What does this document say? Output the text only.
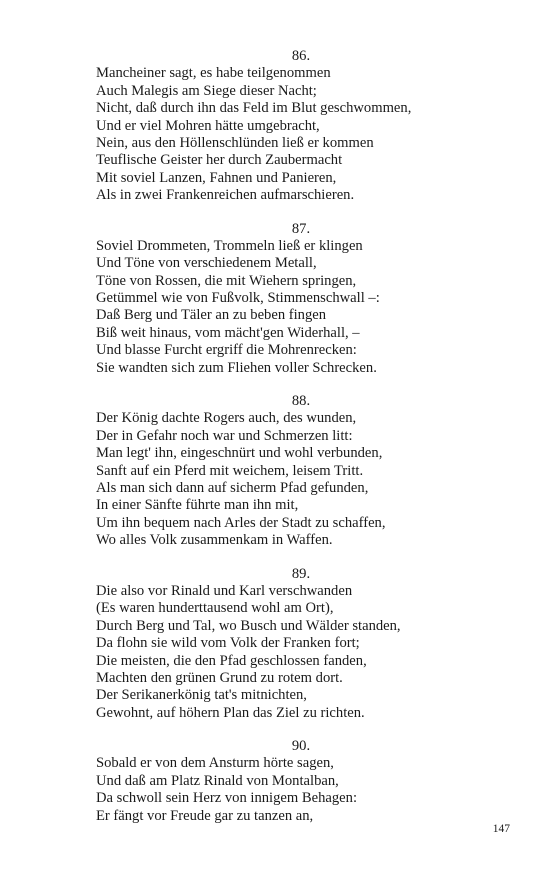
86.
Mancheiner sagt, es habe teilgenommen
Auch Malegis am Siege dieser Nacht;
Nicht, daß durch ihn das Feld im Blut geschwommen,
Und er viel Mohren hätte umgebracht,
Nein, aus den Höllenschlünden ließ er kommen
Teuflische Geister her durch Zaubermacht
Mit soviel Lanzen, Fahnen und Panieren,
Als in zwei Frankenreichen aufmarschieren.
87.
Soviel Drommeten, Trommeln ließ er klingen
Und Töne von verschiedenem Metall,
Töne von Rossen, die mit Wiehern springen,
Getümmel wie von Fußvolk, Stimmenschwall –:
Daß Berg und Täler an zu beben fingen
Biß weit hinaus, vom mächt'gen Widerhall, –
Und blasse Furcht ergriff die Mohrenrecken:
Sie wandten sich zum Fliehen voller Schrecken.
88.
Der König dachte Rogers auch, des wunden,
Der in Gefahr noch war und Schmerzen litt:
Man legt' ihn, eingeschnürt und wohl verbunden,
Sanft auf ein Pferd mit weichem, leisem Tritt.
Als man sich dann auf sicherm Pfad gefunden,
In einer Sänfte führte man ihn mit,
Um ihn bequem nach Arles der Stadt zu schaffen,
Wo alles Volk zusammenkam in Waffen.
89.
Die also vor Rinald und Karl verschwanden
(Es waren hunderttausend wohl am Ort),
Durch Berg und Tal, wo Busch und Wälder standen,
Da flohn sie wild vom Volk der Franken fort;
Die meisten, die den Pfad geschlossen fanden,
Machten den grünen Grund zu rotem dort.
Der Serikanerkönig tat's mitnichten,
Gewohnt, auf höhern Plan das Ziel zu richten.
90.
Sobald er von dem Ansturm hörte sagen,
Und daß am Platz Rinald von Montalban,
Da schwoll sein Herz von innigem Behagen:
Er fängt vor Freude gar zu tanzen an,
147
